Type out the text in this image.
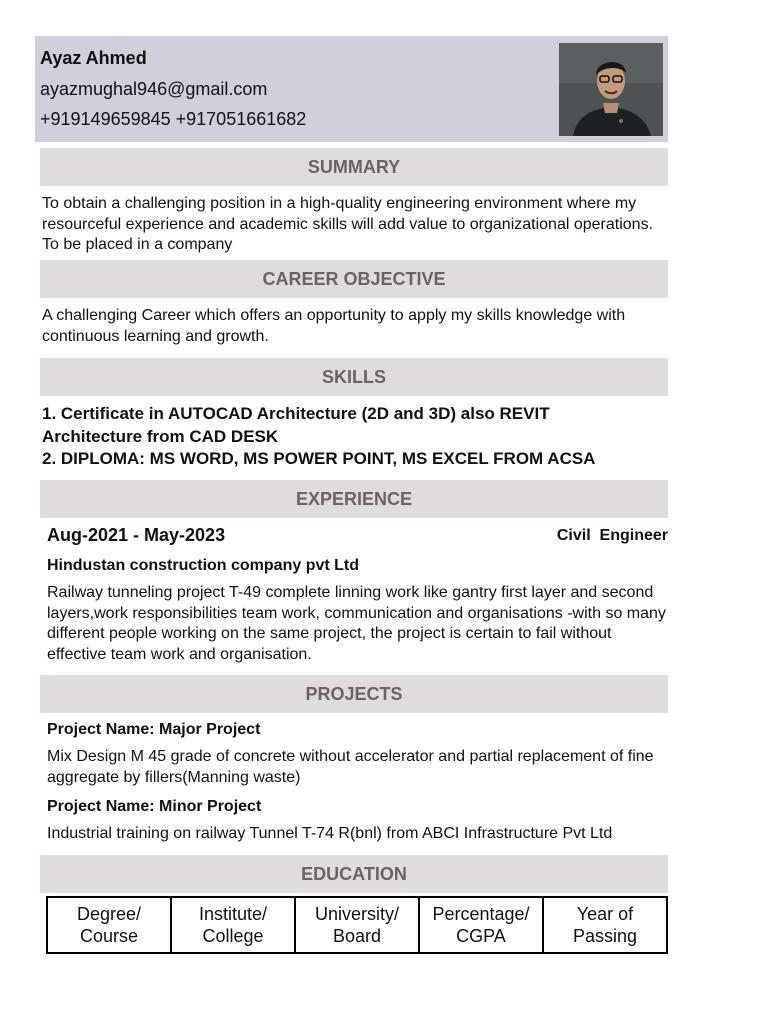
Ayaz Ahmed
ayazmughal946@gmail.com
+919149659845 +917051661682
SUMMARY
To obtain a challenging position in a high-quality engineering environment where my resourceful experience and academic skills will add value to organizational operations. To be placed in a company
CAREER OBJECTIVE
A challenging Career which offers an opportunity to apply my skills knowledge with continuous learning and growth.
SKILLS
1. Certificate in AUTOCAD Architecture (2D and 3D) also REVIT Architecture from CAD DESK
2. DIPLOMA: MS WORD, MS POWER POINT, MS EXCEL FROM ACSA
EXPERIENCE
Aug-2021 - May-2023	Civil  Engineer
Hindustan construction company pvt Ltd
Railway tunneling project T-49 complete linning work like gantry first layer and second layers,work responsibilities team work, communication and organisations -with so many different people working on the same project, the project is certain to fail without effective team work and organisation.
PROJECTS
Project Name: Major Project
Mix Design M 45 grade of concrete without accelerator and partial replacement of fine aggregate by fillers(Manning waste)
Project Name: Minor Project
Industrial training on railway Tunnel T-74 R(bnl) from ABCI Infrastructure Pvt Ltd
EDUCATION
Degree/
Course
Institute/
College
University/
Board
Percentage/
CGPA
Year of
Passing
